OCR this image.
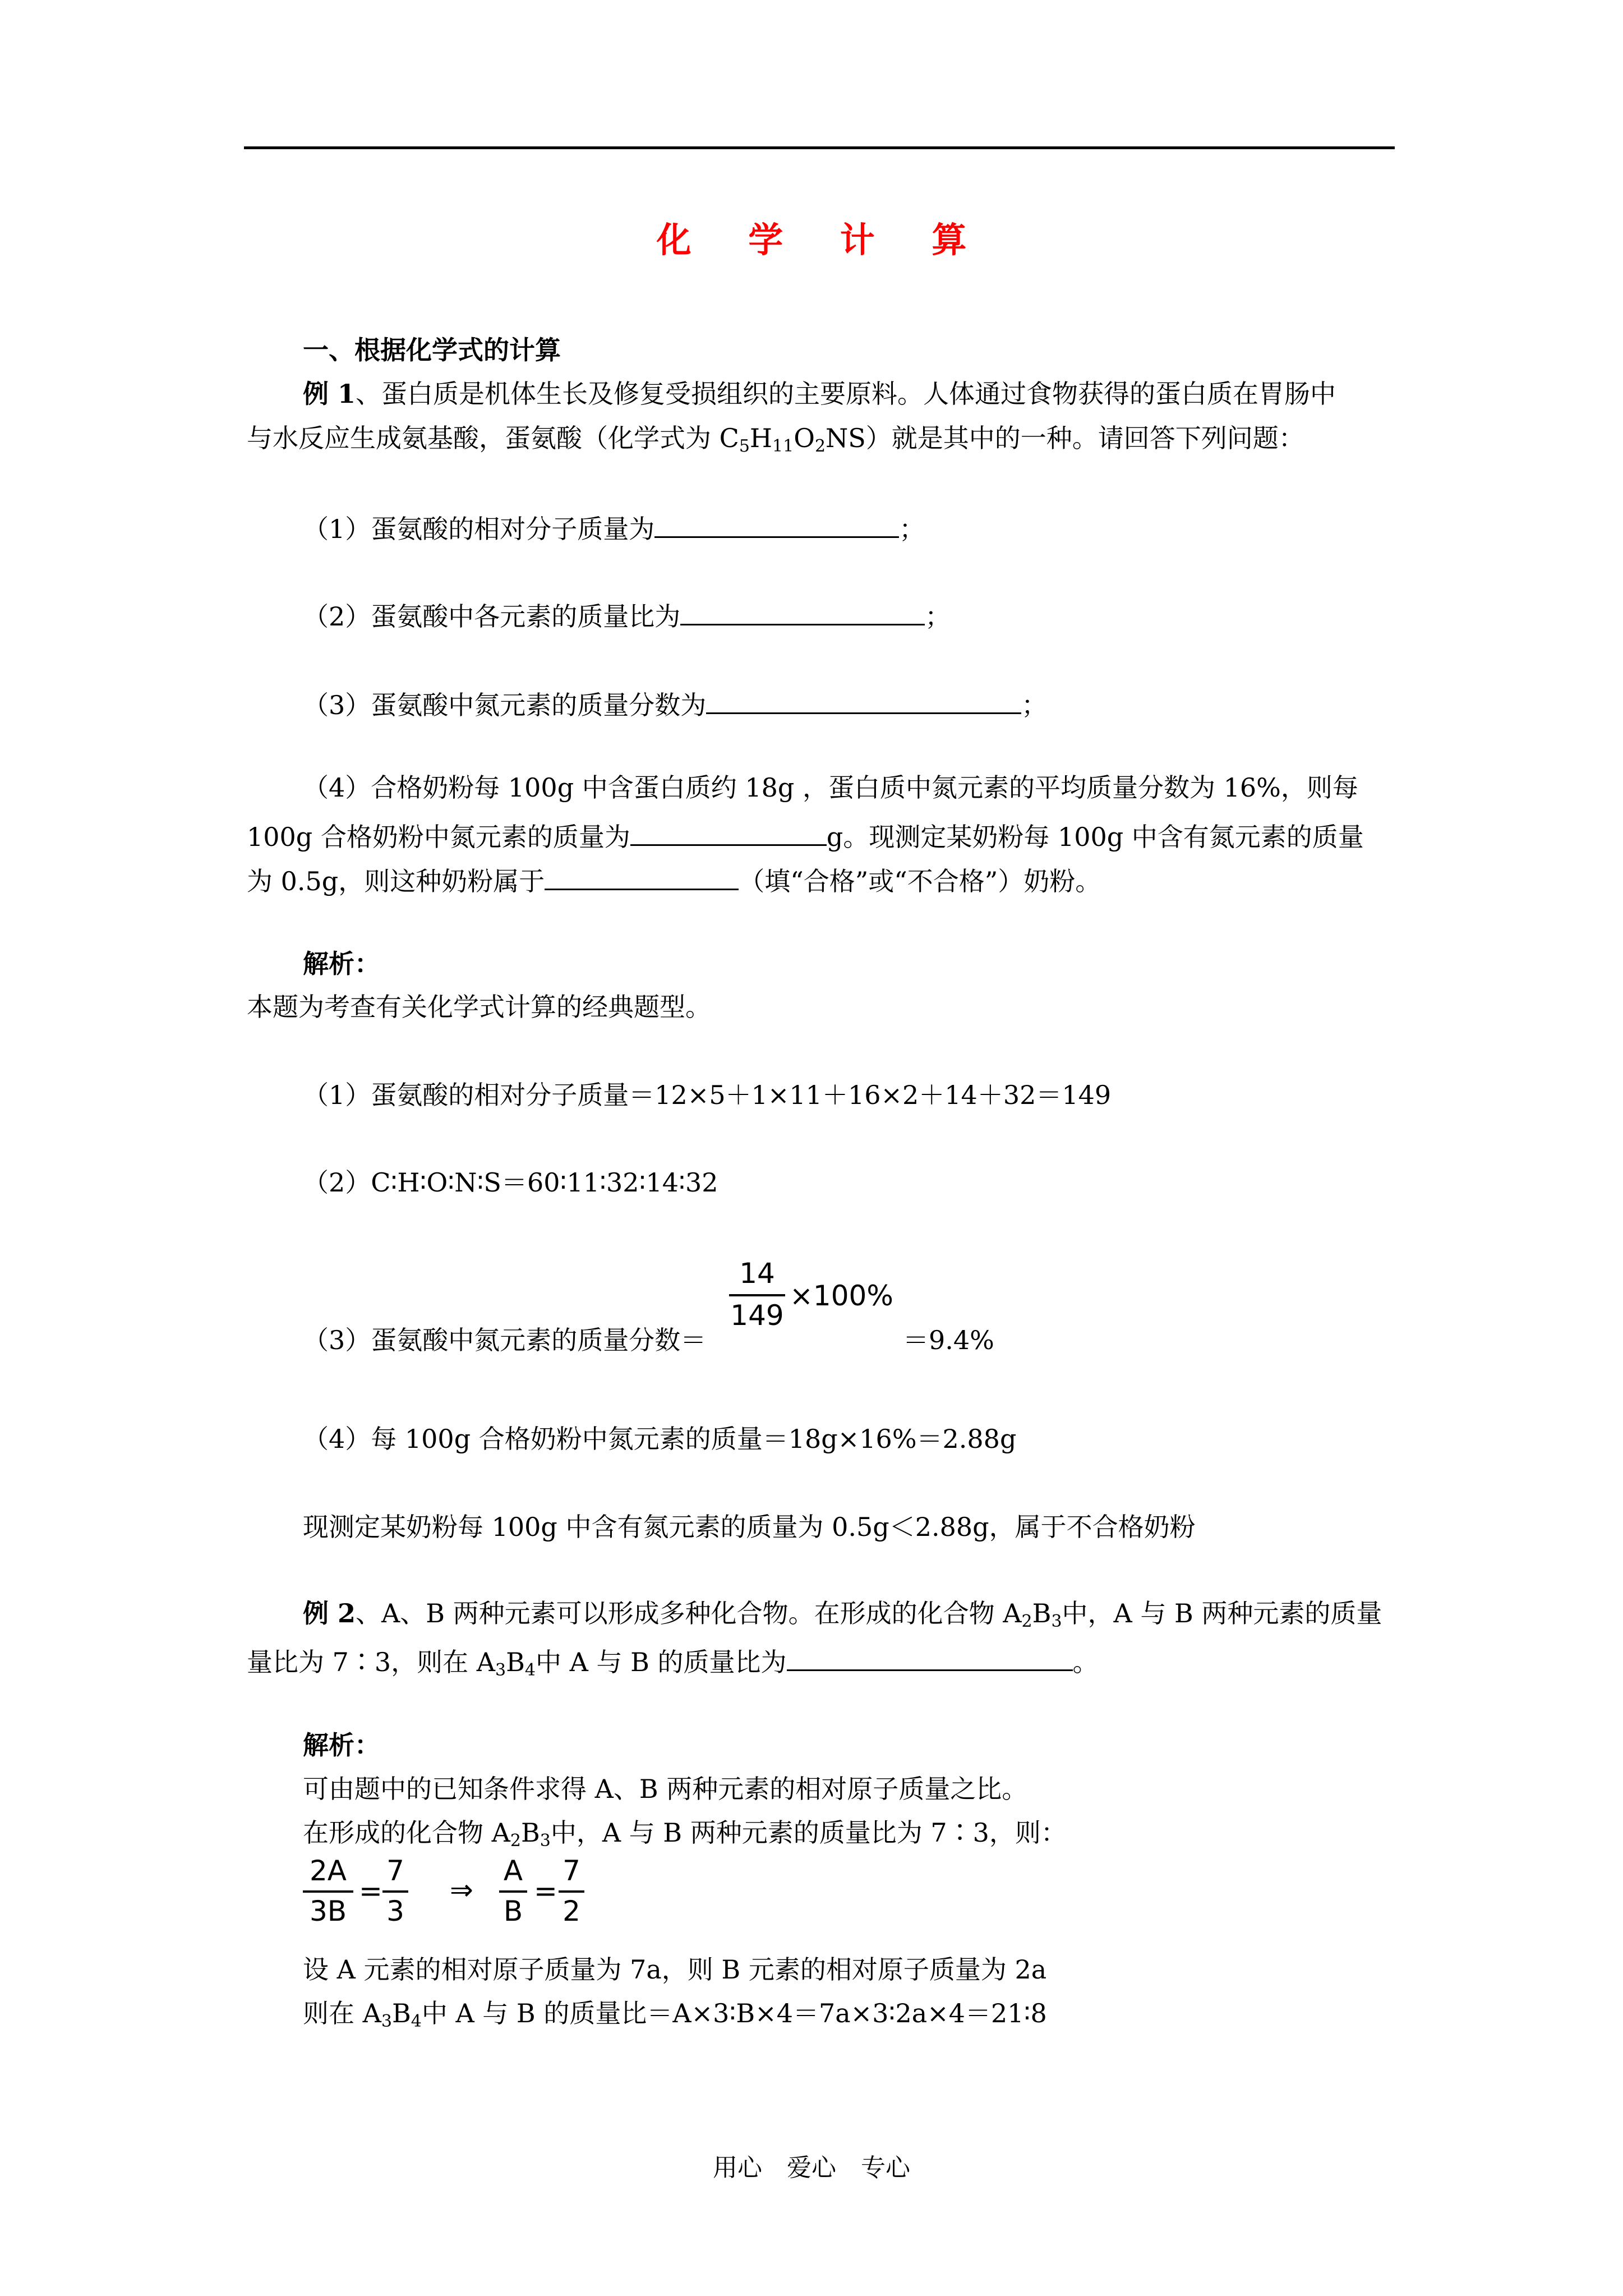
化 学 计 算
一、根据化学式的计算
例 1、蛋白质是机体生长及修复受损组织的主要原料。人体通过食物获得的蛋白质在胃肠中
与水反应生成氨基酸，蛋氨酸（化学式为 $C_5H_{11}O_2NS$）就是其中的一种。请回答下列问题：
（1）蛋氨酸的相对分子质量为	；
（2）蛋氨酸中各元素的质量比为	；
（3）蛋氨酸中氮元素的质量分数为	；
（4）合格奶粉每 100g 中含蛋白质约 18g ，蛋白质中氮元素的平均质量分数为 16%，则每
100g 合格奶粉中氮元素的质量为	g。现测定某奶粉每 100g 中含有氮元素的质量
为 0.5g，则这种奶粉属于	（填“合格”或“不合格”）奶粉。
解析：
本题为考查有关化学式计算的经典题型。
（1）蛋氨酸的相对分子质量＝12×5＋1×11＋16×2＋14＋32＝149
（2）C∶H∶O∶N∶S＝60∶11∶32∶14∶32
（3）蛋氨酸中氮元素的质量分数＝
14
149
×100%
＝9.4%
（4）每 100g 合格奶粉中氮元素的质量＝18g×16%＝2.88g
现测定某奶粉每 100g 中含有氮元素的质量为 0.5g＜2.88g，属于不合格奶粉
例 2、A、B 两种元素可以形成多种化合物。在形成的化合物 $A_2B_3$中，A 与 B 两种元素的质量
量比为 7∶3，则在 $A_3B_4$中 A 与 B 的质量比为	。
解析：
可由题中的已知条件求得 A、B 两种元素的相对原子质量之比。
在形成的化合物 $A_2B_3$中，A 与 B 两种元素的质量比为 7∶3，则：
2A
3B
=
7
3
⇒
A
B
=
7
2
设 A 元素的相对原子质量为 7a，则 B 元素的相对原子质量为 2a
则在 $A_3B_4$中 A 与 B 的质量比＝A×3∶B×4＝7a×3∶2a×4＝21∶8
用心　爱心　专心
